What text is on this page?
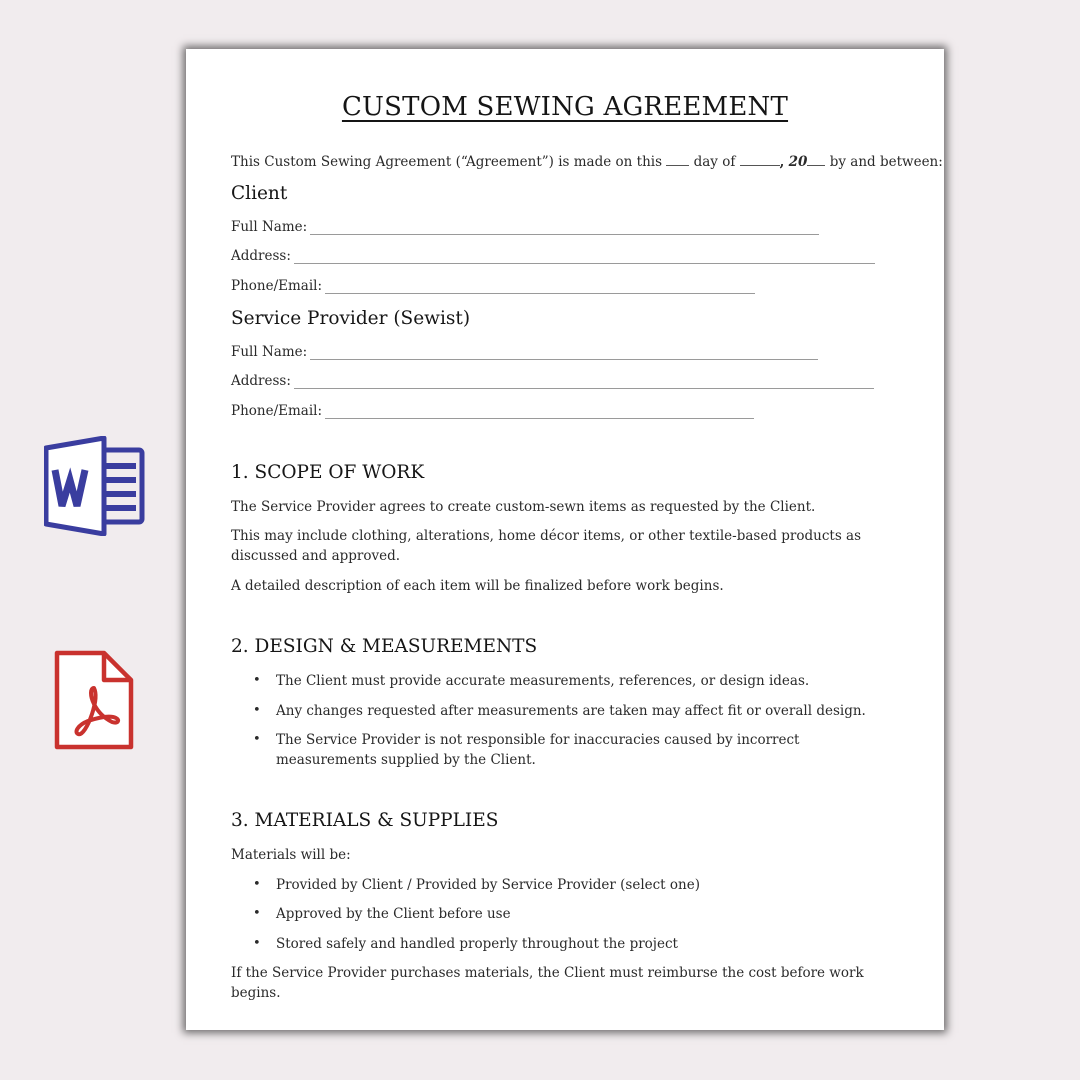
CUSTOM SEWING AGREEMENT
This Custom Sewing Agreement (“Agreement”) is made on this day of	, 20 by and between:
Client
Full Name:
Address:
Phone/Email:
Service Provider (Sewist)
Full Name:
Address:
Phone/Email:
1. SCOPE OF WORK
The Service Provider agrees to create custom-sewn items as requested by the Client.
This may include clothing, alterations, home décor items, or other textile-based products as discussed and approved.
A detailed description of each item will be finalized before work begins.
2. DESIGN & MEASUREMENTS
• The Client must provide accurate measurements, references, or design ideas.
• Any changes requested after measurements are taken may affect fit or overall design.
• The Service Provider is not responsible for inaccuracies caused by incorrect measurements supplied by the Client.
3. MATERIALS & SUPPLIES
Materials will be:
• Provided by Client / Provided by Service Provider (select one)
• Approved by the Client before use
• Stored safely and handled properly throughout the project
If the Service Provider purchases materials, the Client must reimburse the cost before work begins.
